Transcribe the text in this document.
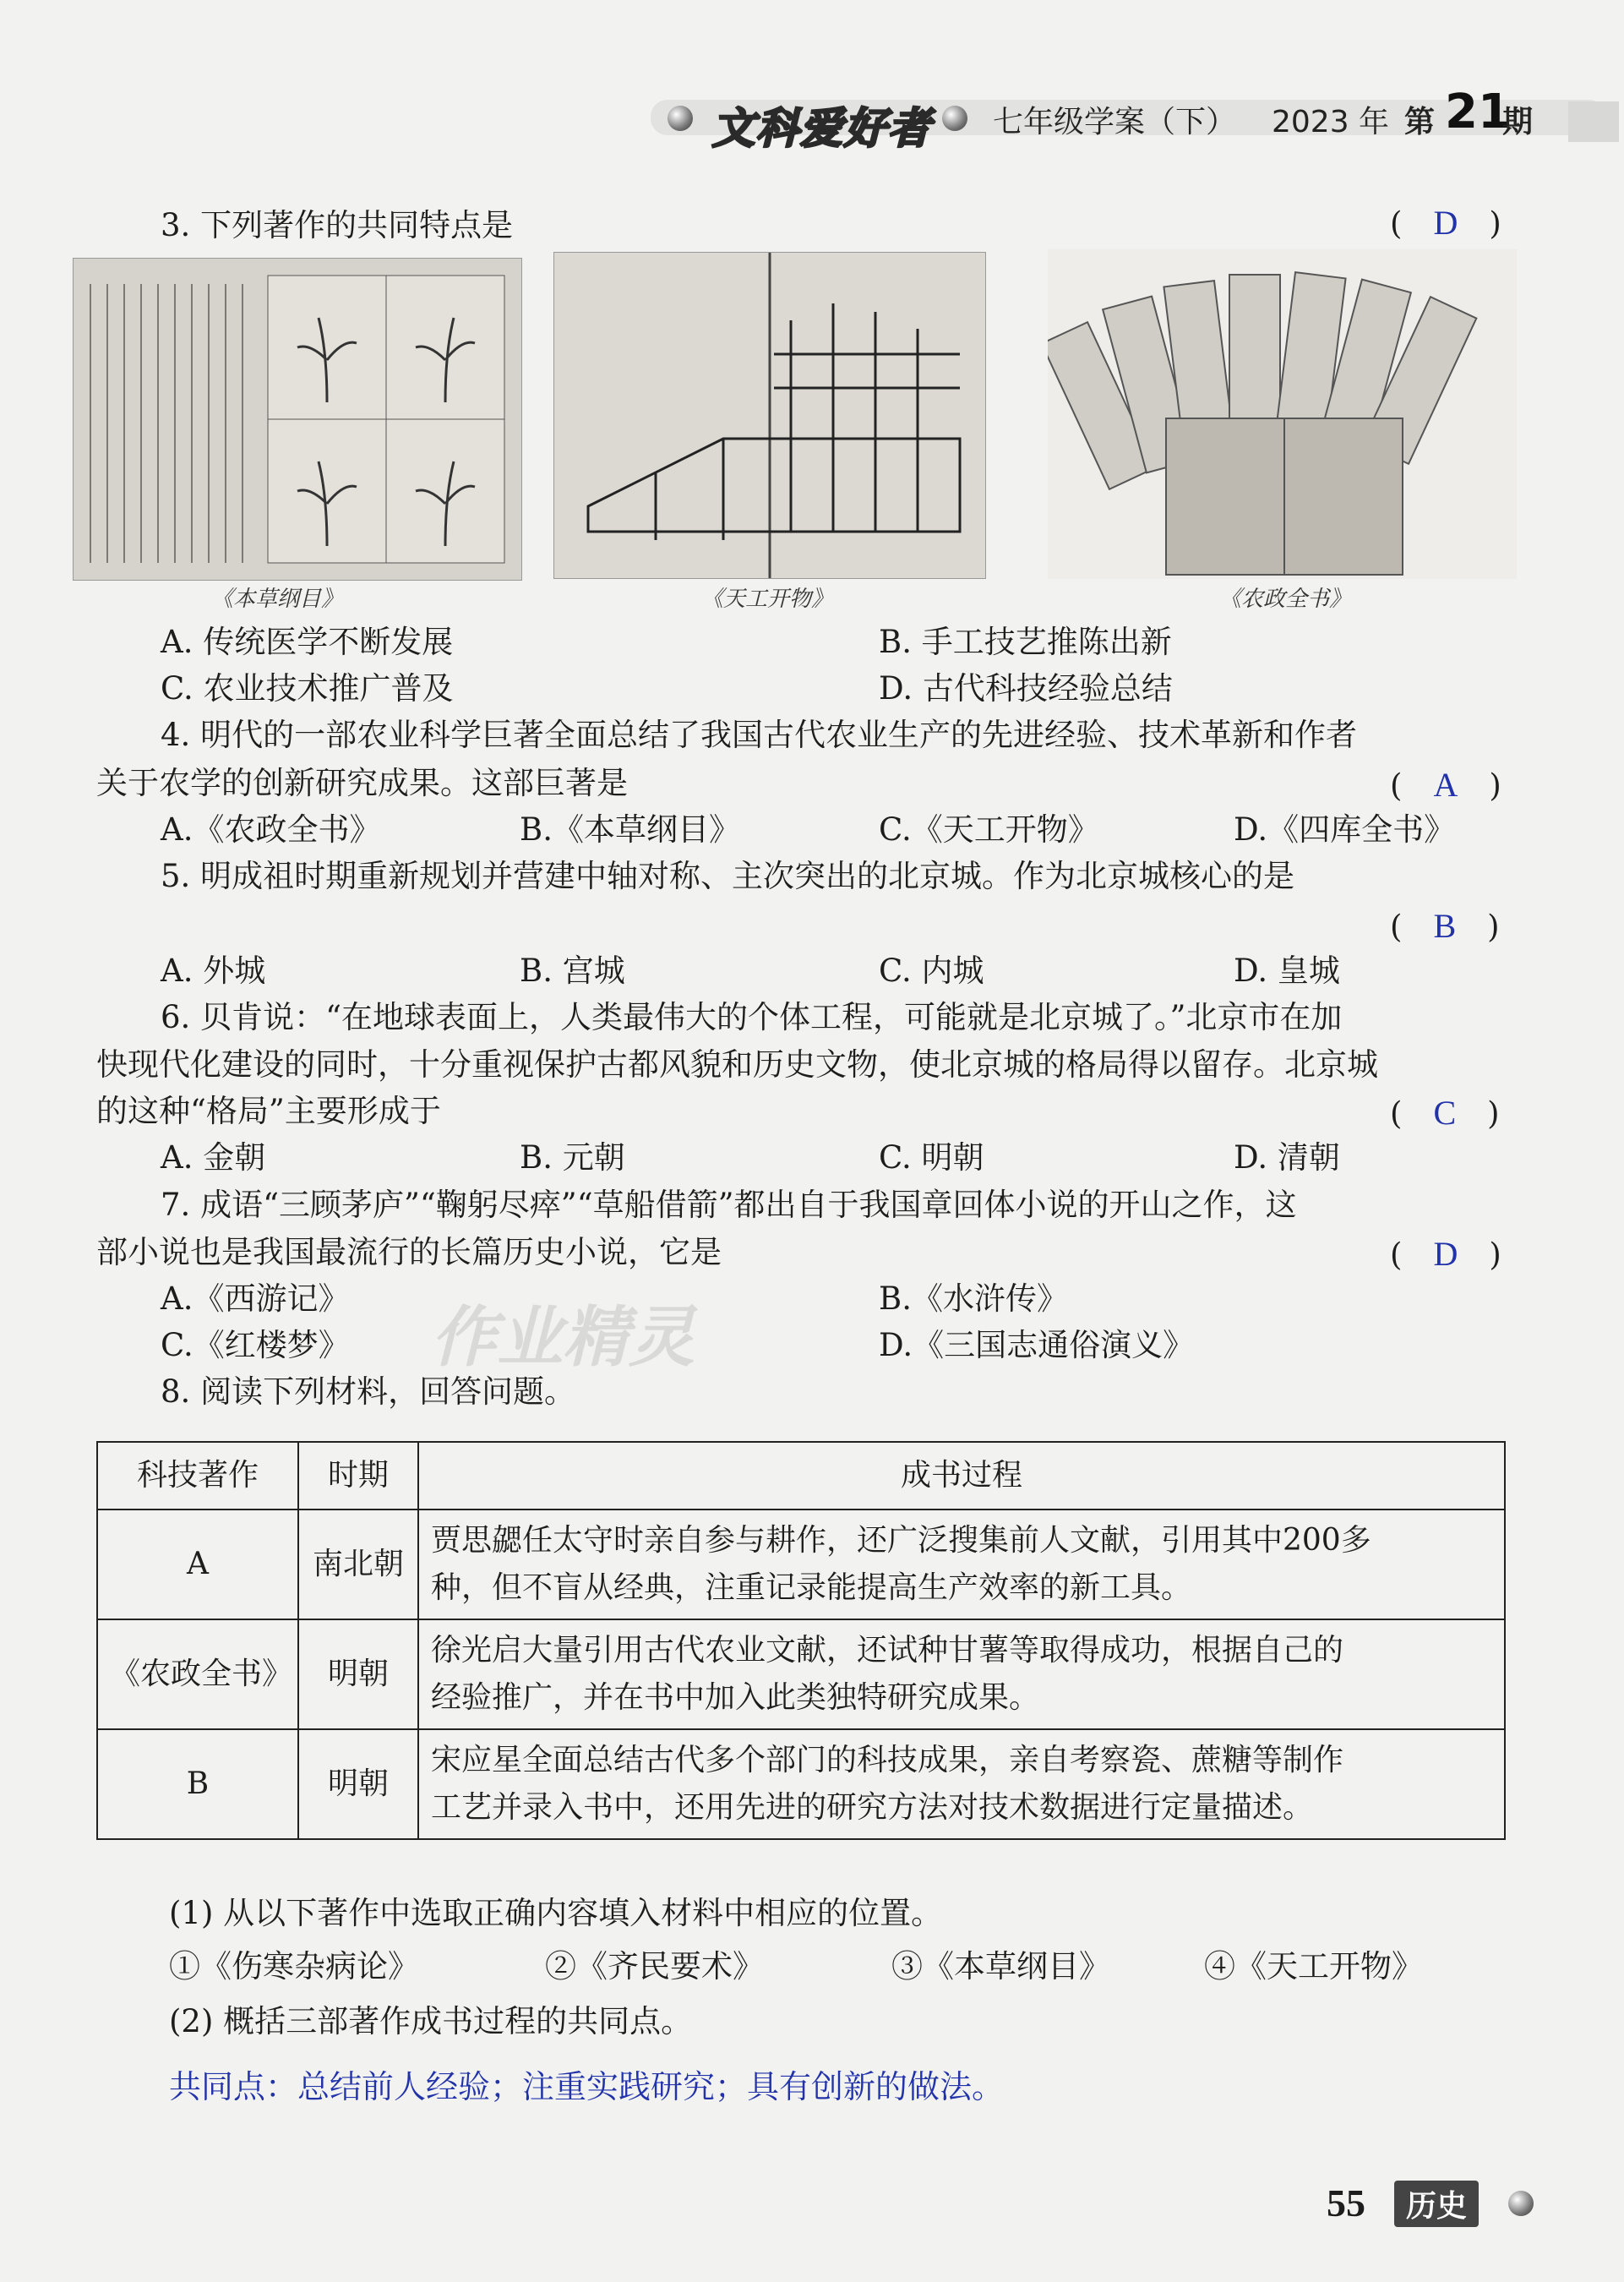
文科爱好者 七年级学案（下） 2023 年 第 21
期
3. 下列著作的共同特点是	( D )
《本草纲目》	《天工开物》	《农政全书》
A. 传统医学不断发展	B. 手工技艺推陈出新
C. 农业技术推广普及	D. 古代科技经验总结
4. 明代的一部农业科学巨著全面总结了我国古代农业生产的先进经验、技术革新和作者
关于农学的创新研究成果。这部巨著是	( A )
A.《农政全书》	B.《本草纲目》	C.《天工开物》	D.《四库全书》
5. 明成祖时期重新规划并营建中轴对称、主次突出的北京城。作为北京城核心的是
( B )
A. 外城	B. 宫城	C. 内城	D. 皇城
6. 贝肯说：“在地球表面上，人类最伟大的个体工程，可能就是北京城了。”北京市在加
快现代化建设的同时，十分重视保护古都风貌和历史文物，使北京城的格局得以留存。北京城
的这种“格局”主要形成于	( C )
A. 金朝	B. 元朝	C. 明朝	D. 清朝
7. 成语“三顾茅庐”“鞠躬尽瘁”“草船借箭”都出自于我国章回体小说的开山之作，这
部小说也是我国最流行的长篇历史小说，它是	( D )
A.《西游记》	B.《水浒传》
C.《红楼梦》	D.《三国志通俗演义》
作业精灵
8. 阅读下列材料，回答问题。
科技著作	时期	成书过程
A	南北朝	贾思勰任太守时亲自参与耕作，还广泛搜集前人文献，引用其中200多
种，但不盲从经典，注重记录能提高生产效率的新工具。

《农政全书》	明朝	徐光启大量引用古代农业文献，还试种甘薯等取得成功，根据自己的
经验推广，并在书中加入此类独特研究成果。

B	明朝	宋应星全面总结古代多个部门的科技成果，亲自考察瓷、蔗糖等制作
工艺并录入书中，还用先进的研究方法对技术数据进行定量描述。
(1) 从以下著作中选取正确内容填入材料中相应的位置。
①《伤寒杂病论》	②《齐民要术》	③《本草纲目》	④《天工开物》
(2) 概括三部著作成书过程的共同点。
共同点：总结前人经验；注重实践研究；具有创新的做法。
55	历史
